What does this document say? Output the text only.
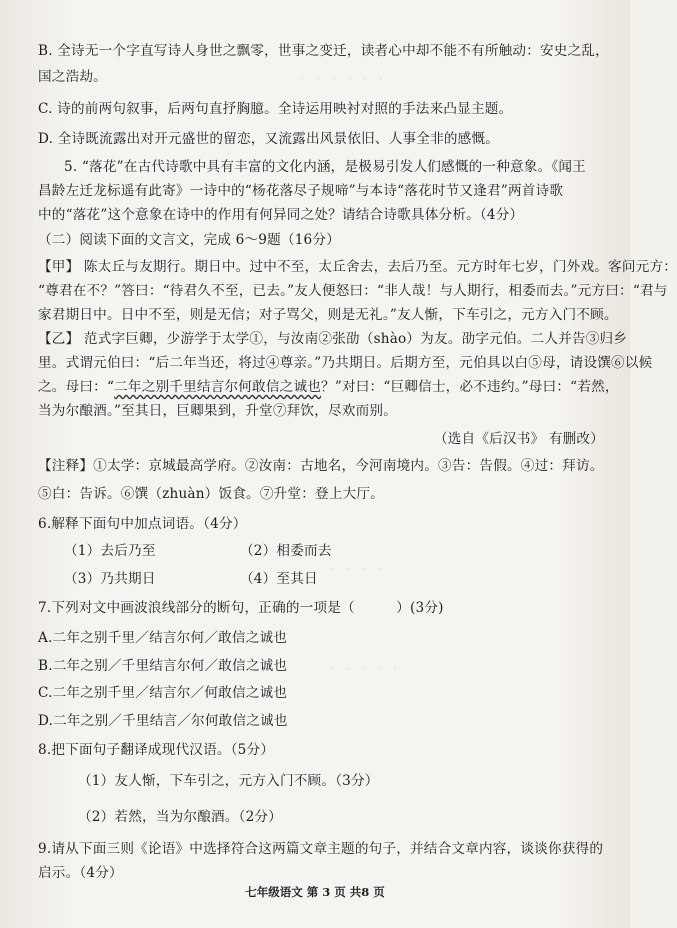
·　·　·　·　·　·
·　·　·　·
·　·　·　·　·
B. 全诗无一个字直写诗人身世之飘零，世事之变迁，读者心中却不能不有所触动：安史之乱，
国之浩劫。
C. 诗的前两句叙事，后两句直抒胸臆。全诗运用映衬对照的手法来凸显主题。
D. 全诗既流露出对开元盛世的留恋，又流露出风景依旧、人事全非的感慨。
5. “落花”在古代诗歌中具有丰富的文化内涵，是极易引发人们感慨的一种意象。《闻王
昌龄左迁龙标遥有此寄》一诗中的“杨花落尽子规啼”与本诗“落花时节又逢君”两首诗歌
中的“落花”这个意象在诗中的作用有何异同之处？请结合诗歌具体分析。（4分）
（二）阅读下面的文言文，完成 6～9题（16分）
【甲】 陈太丘与友期行。期日中。过中不至，太丘舍去，去后乃至。元方时年七岁，门外戏。客问元方：
“尊君在不？”答曰：“待君久不至，已去。”友人便怒曰：“非人哉！与人期行，相委而去。”元方曰：“君与
家君期日中。日中不至，则是无信；对子骂父，则是无礼。”友人惭，下车引之，元方入门不顾。
【乙】 范式字巨卿，少游学于太学①，与汝南②张劭（shào）为友。劭字元伯。二人并告③归乡
里。式谓元伯曰：“后二年当还，将过④尊亲。”乃共期日。后期方至，元伯具以白⑤母，请设馔⑥以候
之。母曰：“二年之别千里结言尔何敢信之诚也？”对曰：“巨卿信士，必不违约。”母曰：“若然，
当为尔酿酒。”至其日，巨卿果到，升堂⑦拜饮，尽欢而别。
（选自《后汉书》 有删改）
【注释】①太学：京城最高学府。②汝南：古地名，今河南境内。③告：告假。④过：拜访。
⑤白：告诉。⑥馔（zhuàn）饭食。⑦升堂：登上大厅。
6.解释下面句中加点词语。（4分）
（1）去后乃至	（2）相委而去
（3）乃共期日	（4）至其日
7.下列对文中画波浪线部分的断句，正确的一项是（　　　）(3分)
A.二年之别千里／结言尔何／敢信之诚也
B.二年之别／千里结言尔何／敢信之诚也
C.二年之别千里／结言尔／何敢信之诚也
D.二年之别／千里结言／尔何敢信之诚也
8.把下面句子翻译成现代汉语。（5分）
（1）友人惭，下车引之，元方入门不顾。（3分）
（2）若然，当为尔酿酒。（2分）
9.请从下面三则《论语》中选择符合这两篇文章主题的句子，并结合文章内容，谈谈你获得的
启示。（4分）
七年级语文 第 3 页 共8 页
